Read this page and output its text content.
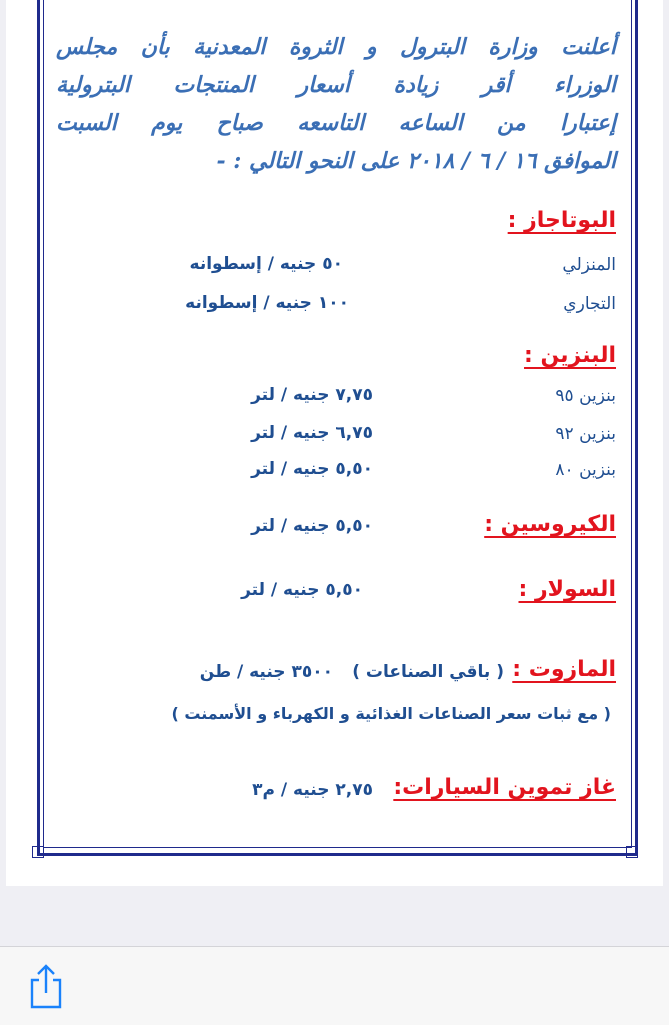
أعلنت وزارة البترول و الثروة المعدنية بأن مجلس

الوزراء أقر زيادة أسعار المنتجات البترولية

إعتبارا من الساعه التاسعه صباح يوم السبت

الموافق ١٦ / ٦ / ٢٠١٨ على النحو التالي : -

البوتاجاز :
المنزلي
٥٠ جنيه / إسطوانه
التجاري
١٠٠ جنيه / إسطوانه
البنزين :
بنزين ٩٥
٧,٧٥ جنيه / لتر
بنزين ٩٢
٦,٧٥ جنيه / لتر
بنزين ٨٠
٥,٥٠ جنيه / لتر
الكيروسين :
٥,٥٠ جنيه / لتر
السولار :
٥,٥٠ جنيه / لتر
المازوت :
( باقي الصناعات )
٣٥٠٠ جنيه / طن
( مع ثبات سعر الصناعات الغذائية و الكهرباء و الأسمنت )
غاز تموين السيارات:
٢,٧٥ جنيه / م٣
